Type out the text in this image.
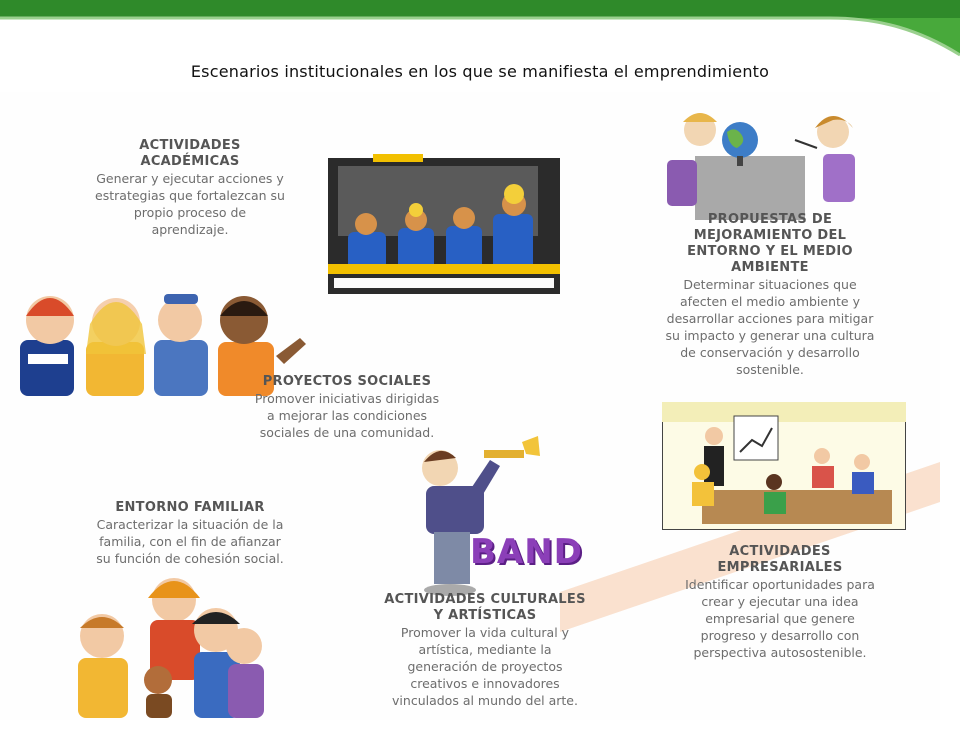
Escenarios institucionales en los que se manifiesta el emprendimiento
ACTIVIDADES
ACADÉMICAS
Generar y ejecutar acciones y
estrategias que fortalezcan su
propio proceso de
aprendizaje.
PROPUESTAS DE
MEJORAMIENTO DEL
ENTORNO Y EL MEDIO
AMBIENTE
Determinar situaciones que
afecten el medio ambiente y
desarrollar acciones para mitigar
su impacto y generar una cultura
de conservación y desarrollo
sostenible.
PROYECTOS SOCIALES
Promover iniciativas dirigidas
a mejorar las condiciones
sociales de una comunidad.
BAND	ACTIVIDADES
EMPRESARIALES
Identificar oportunidades para
crear y ejecutar una idea
empresarial que genere
progreso y desarrollo con
perspectiva autosostenible.
ENTORNO FAMILIAR
Caracterizar la situación de la
familia, con el fin de afianzar
su función de cohesión social.
ACTIVIDADES CULTURALES
Y ARTÍSTICAS
Promover la vida cultural y
artística, mediante la
generación de proyectos
creativos e innovadores
vinculados al mundo del arte.
